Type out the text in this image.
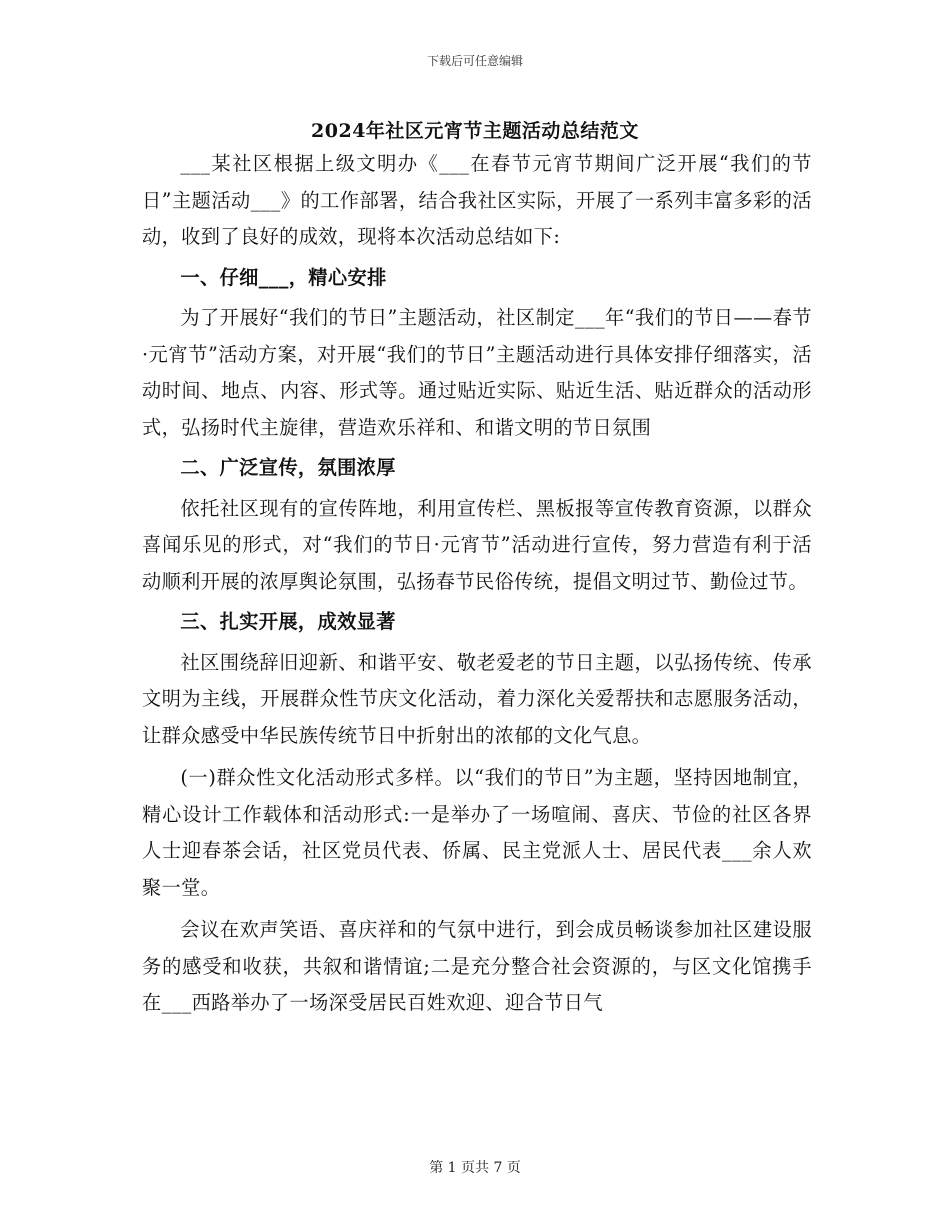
下载后可任意编辑
2024年社区元宵节主题活动总结范文

___某社区根据上级文明办《___在春节元宵节期间广泛开展“我们的节日”主题活动___》的工作部署，结合我社区实际，开展了一系列丰富多彩的活动，收到了良好的成效，现将本次活动总结如下:

一、仔细___，精心安排

为了开展好“我们的节日”主题活动，社区制定___年“我们的节日——春节·元宵节”活动方案，对开展“我们的节日”主题活动进行具体安排仔细落实，活动时间、地点、内容、形式等。通过贴近实际、贴近生活、贴近群众的活动形式，弘扬时代主旋律，营造欢乐祥和、和谐文明的节日氛围

二、广泛宣传，氛围浓厚

依托社区现有的宣传阵地，利用宣传栏、黑板报等宣传教育资源，以群众喜闻乐见的形式，对“我们的节日·元宵节”活动进行宣传，努力营造有利于活动顺利开展的浓厚舆论氛围，弘扬春节民俗传统，提倡文明过节、勤俭过节。

三、扎实开展，成效显著

社区围绕辞旧迎新、和谐平安、敬老爱老的节日主题，以弘扬传统、传承文明为主线，开展群众性节庆文化活动，着力深化关爱帮扶和志愿服务活动，让群众感受中华民族传统节日中折射出的浓郁的文化气息。

(一)群众性文化活动形式多样。以“我们的节日”为主题，坚持因地制宜，精心设计工作载体和活动形式:一是举办了一场喧闹、喜庆、节俭的社区各界人士迎春茶会话，社区党员代表、侨属、民主党派人士、居民代表___余人欢聚一堂。

会议在欢声笑语、喜庆祥和的气氛中进行，到会成员畅谈参加社区建设服务的感受和收获，共叙和谐情谊;二是充分整合社会资源的，与区文化馆携手在___西路举办了一场深受居民百姓欢迎、迎合节日气

第 1 页共 7 页
